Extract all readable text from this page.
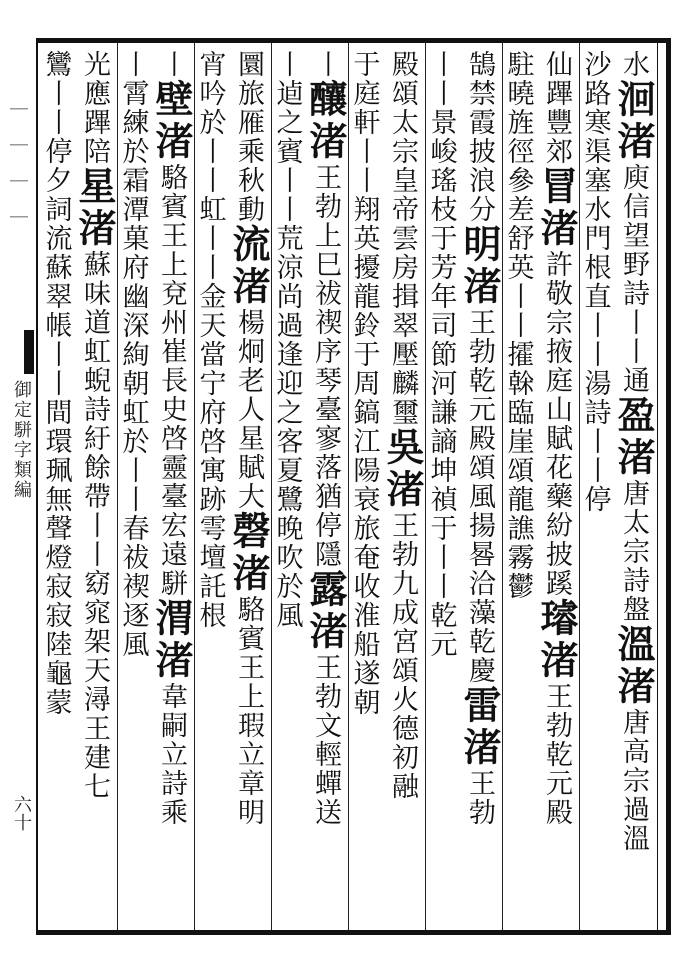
｜｜｜｜
御定駢字類編
六十
水洄渚庾信望野詩丨丨通盈渚唐太宗詩盤溫渚唐高宗過溫
沙路寒渠塞水門根直丨丨湯詩丨丨停
仙蹕豐郊冒渚許敬宗掖庭山賦花藥紛披蹊璿渚王勃乾元殿
駐曉旌徑參差舒英丨丨攉榦臨崖頌龍譙霧鬱
鵠禁霞披浪分明渚王勃乾元殿頌風揚晷洽藻乾慶雷渚王勃
丨丨景峻瑤枝于芳年司節河謙謪坤禎于丨丨乾元
殿頌太宗皇帝雲房揖翠壓麟璽吳渚王勃九成宮頌火德初融
于庭軒丨丨翔英擾龍鈴于周鎬江陽衰旅奄收淮船遂朝
丨釀渚王勃上巳祓禊序琴臺寥落猶停隱露渚王勃文輕蟬送
丨逌之賓丨丨荒涼尚過逢迎之客夏鷺晚吹於風
圜旅雁乘秋動流渚楊炯老人星賦大磬渚駱賓王上瑕立章明
宵吟於丨丨虹丨丨金天當宁府啓寓跡雩壇託根
丨壁渚駱賓王上兗州崔長史啓靈臺宏遠駢渭渚韋嗣立詩乘
丨霄練於霜潭菓府幽深絢朝虹於丨丨春祓禊逐風
光應蹕陪星渚蘇味道虹蜺詩紆餘帶丨丨窈窕架天潯王建七
鸞丨丨停夕詞流蘇翠帳丨丨間環珮無聲燈寂寂陸龜蒙
